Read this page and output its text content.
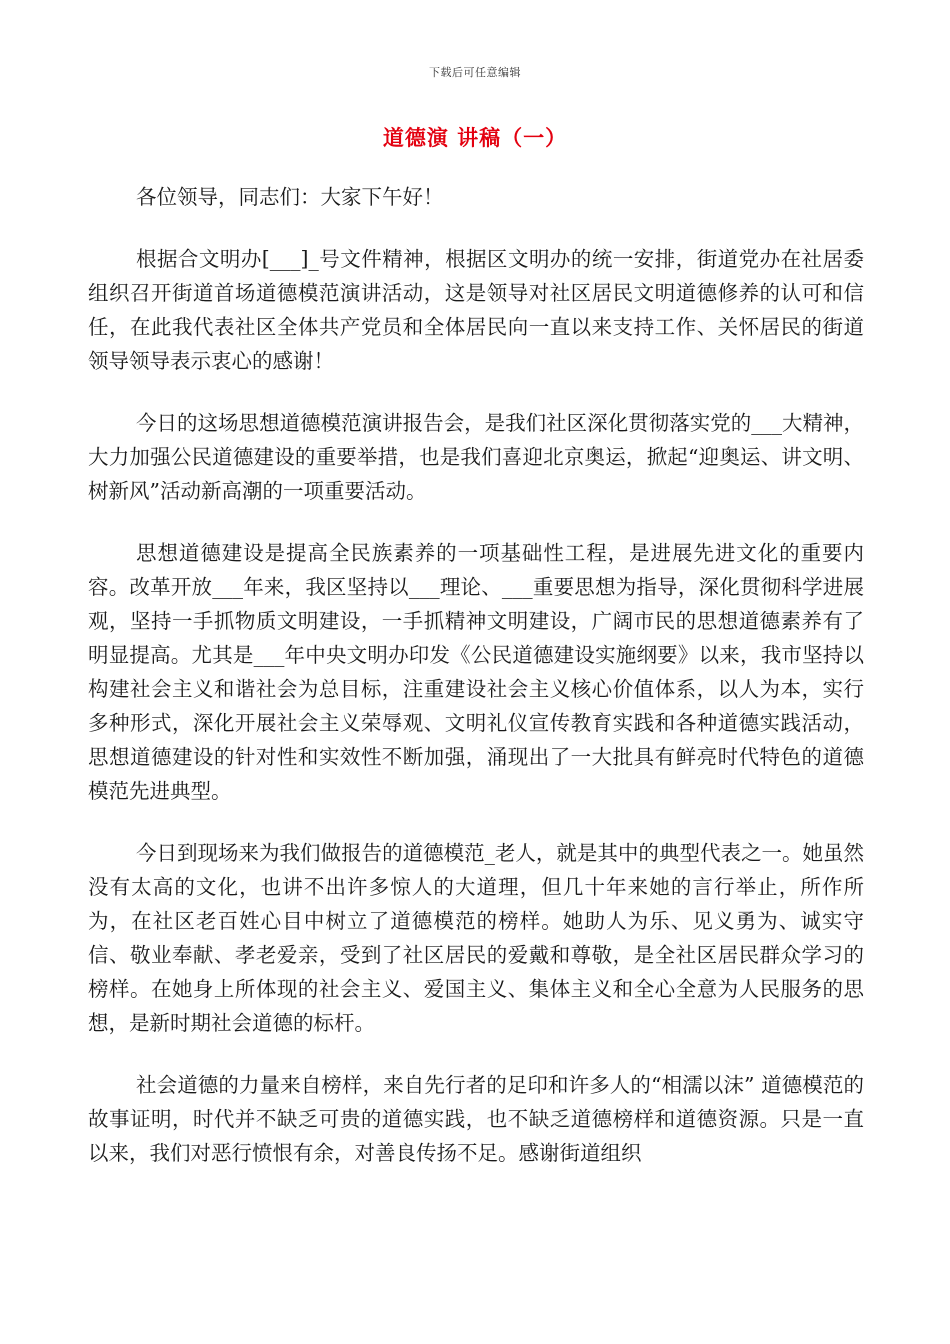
下载后可任意编辑
道德演 讲稿（一）

各位领导，同志们：大家下午好！

根据合文明办[___]_号文件精神，根据区文明办的统一安排，街道党办在社居委组织召开街道首场道德模范演讲活动，这是领导对社区居民文明道德修养的认可和信任，在此我代表社区全体共产党员和全体居民向一直以来支持工作、关怀居民的街道领导领导表示衷心的感谢！

今日的这场思想道德模范演讲报告会，是我们社区深化贯彻落实党的___大精神，大力加强公民道德建设的重要举措，也是我们喜迎北京奥运，掀起“迎奥运、讲文明、树新风”活动新高潮的一项重要活动。

思想道德建设是提高全民族素养的一项基础性工程，是进展先进文化的重要内容。改革开放___年来，我区坚持以___理论、___重要思想为指导，深化贯彻科学进展观，坚持一手抓物质文明建设，一手抓精神文明建设，广阔市民的思想道德素养有了明显提高。尤其是___年中央文明办印发《公民道德建设实施纲要》以来，我市坚持以构建社会主义和谐社会为总目标，注重建设社会主义核心价值体系，以人为本，实行多种形式，深化开展社会主义荣辱观、文明礼仪宣传教育实践和各种道德实践活动，思想道德建设的针对性和实效性不断加强，涌现出了一大批具有鲜亮时代特色的道德模范先进典型。

今日到现场来为我们做报告的道德模范_老人，就是其中的典型代表之一。她虽然没有太高的文化，也讲不出许多惊人的大道理，但几十年来她的言行举止，所作所为，在社区老百姓心目中树立了道德模范的榜样。她助人为乐、见义勇为、诚实守信、敬业奉献、孝老爱亲，受到了社区居民的爱戴和尊敬，是全社区居民群众学习的榜样。在她身上所体现的社会主义、爱国主义、集体主义和全心全意为人民服务的思想，是新时期社会道德的标杆。

社会道德的力量来自榜样，来自先行者的足印和许多人的“相濡以沫” 道德模范的故事证明，时代并不缺乏可贵的道德实践，也不缺乏道德榜样和道德资源。只是一直以来，我们对恶行愤恨有余，对善良传扬不足。感谢街道组织
